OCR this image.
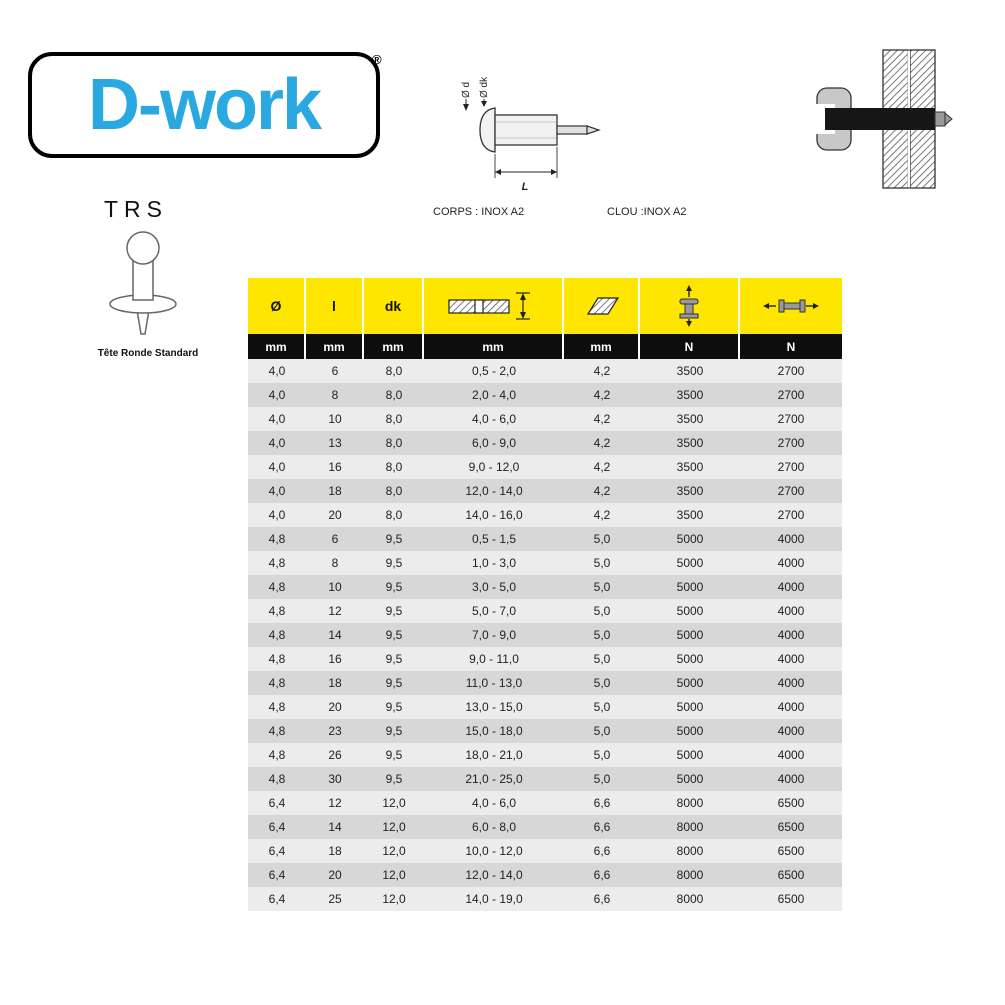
D-work
®
Ø d Ø dk
L
CORPS : INOX A2	CLOU :INOX A2
TRS
Tête Ronde Standard
Ø	l	dk
mm	mm	mm	mm	mm	N	N
4,0	6	8,0	0,5 - 2,0	4,2	3500	2700
4,0	8	8,0	2,0 - 4,0	4,2	3500	2700
4,0	10	8,0	4,0 - 6,0	4,2	3500	2700
4,0	13	8,0	6,0 - 9,0	4,2	3500	2700
4,0	16	8,0	9,0 - 12,0	4,2	3500	2700
4,0	18	8,0	12,0 - 14,0	4,2	3500	2700
4,0	20	8,0	14,0 - 16,0	4,2	3500	2700
4,8	6	9,5	0,5 - 1,5	5,0	5000	4000
4,8	8	9,5	1,0 - 3,0	5,0	5000	4000
4,8	10	9,5	3,0 - 5,0	5,0	5000	4000
4,8	12	9,5	5,0 - 7,0	5,0	5000	4000
4,8	14	9,5	7,0 - 9,0	5,0	5000	4000
4,8	16	9,5	9,0 - 11,0	5,0	5000	4000
4,8	18	9,5	11,0 - 13,0	5,0	5000	4000
4,8	20	9,5	13,0 - 15,0	5,0	5000	4000
4,8	23	9,5	15,0 - 18,0	5,0	5000	4000
4,8	26	9,5	18,0 - 21,0	5,0	5000	4000
4,8	30	9,5	21,0 - 25,0	5,0	5000	4000
6,4	12	12,0	4,0 - 6,0	6,6	8000	6500
6,4	14	12,0	6,0 - 8,0	6,6	8000	6500
6,4	18	12,0	10,0 - 12,0	6,6	8000	6500
6,4	20	12,0	12,0 - 14,0	6,6	8000	6500
6,4	25	12,0	14,0 - 19,0	6,6	8000	6500
